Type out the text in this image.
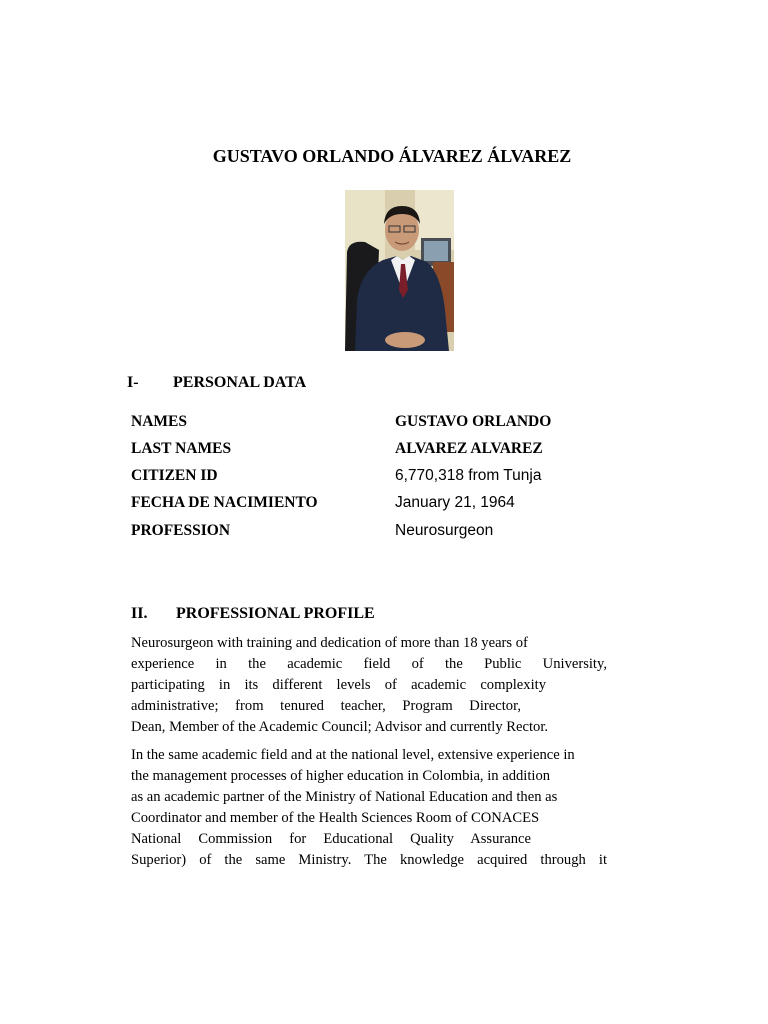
GUSTAVO ORLANDO ÁLVAREZ ÁLVAREZ
I- PERSONAL DATA
NAMES	GUSTAVO ORLANDO
LAST NAMES	ALVAREZ ALVAREZ
CITIZEN ID	6,770,318 from Tunja
FECHA DE NACIMIENTO	January 21, 1964
PROFESSION	Neurosurgeon
II. PROFESSIONAL PROFILE

Neurosurgeon with training and dedication of more than 18 years of
experience in the academic field of the Public University,
participating in its different levels of academic complexity
administrative; from tenured teacher, Program Director,
Dean, Member of the Academic Council; Advisor and currently Rector.

In the same academic field and at the national level, extensive experience in
the management processes of higher education in Colombia, in addition
as an academic partner of the Ministry of National Education and then as
Coordinator and member of the Health Sciences Room of CONACES
National Commission for Educational Quality Assurance
Superior) of the same Ministry. The knowledge acquired through it
